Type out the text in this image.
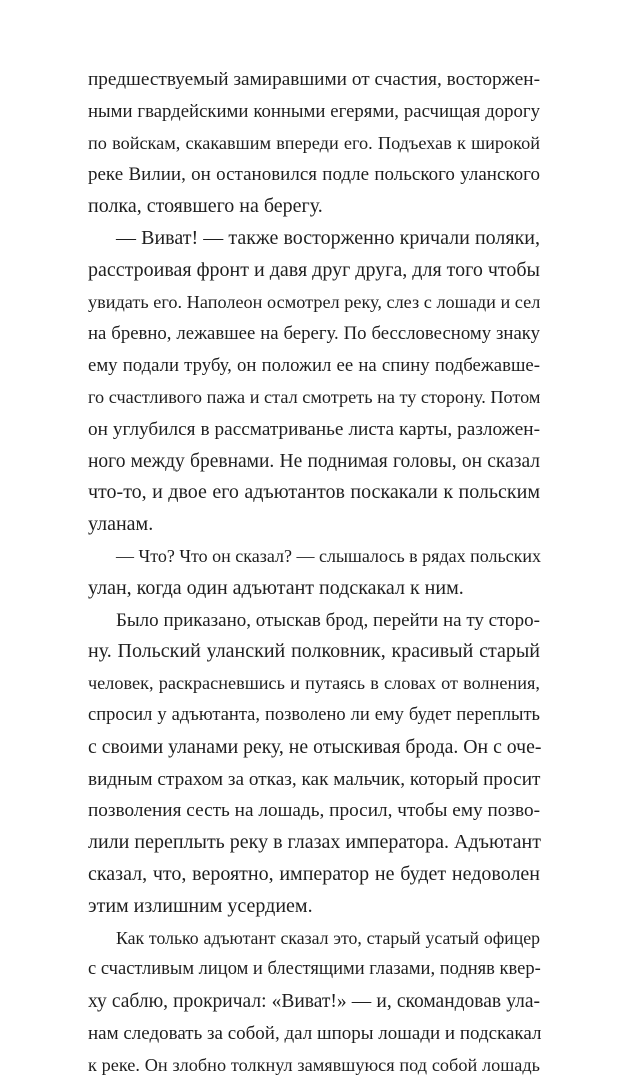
предшествуемый замиравшими от счастия, восторжен-
ными гвардейскими конными егерями, расчищая дорогу
по войскам, скакавшим впереди его. Подъехав к широкой
реке Вилии, он остановился подле польского уланского
полка, стоявшего на берегу.

— Виват! — также восторженно кричали поляки,
расстроивая фронт и давя друг друга, для того чтобы
увидать его. Наполеон осмотрел реку, слез с лошади и сел
на бревно, лежавшее на берегу. По бессловесному знаку
ему подали трубу, он положил ее на спину подбежавше-
го счастливого пажа и стал смотреть на ту сторону. Потом
он углубился в рассматриванье листа карты, разложен-
ного между бревнами. Не поднимая головы, он сказал
что-то, и двое его адъютантов поскакали к польским
уланам.

— Что? Что он сказал? — слышалось в рядах польских
улан, когда один адъютант подскакал к ним.

Было приказано, отыскав брод, перейти на ту сторо-
ну. Польский уланский полковник, красивый старый
человек, раскрасневшись и путаясь в словах от волнения,
спросил у адъютанта, позволено ли ему будет переплыть
с своими уланами реку, не отыскивая брода. Он с оче-
видным страхом за отказ, как мальчик, который просит
позволения сесть на лошадь, просил, чтобы ему позво-
лили переплыть реку в глазах императора. Адъютант
сказал, что, вероятно, император не будет недоволен
этим излишним усердием.

Как только адъютант сказал это, старый усатый офицер
с счастливым лицом и блестящими глазами, подняв квер-
ху саблю, прокричал: «Виват!» — и, скомандовав ула-
нам следовать за собой, дал шпоры лошади и подскакал
к реке. Он злобно толкнул замявшуюся под собой лошадь
